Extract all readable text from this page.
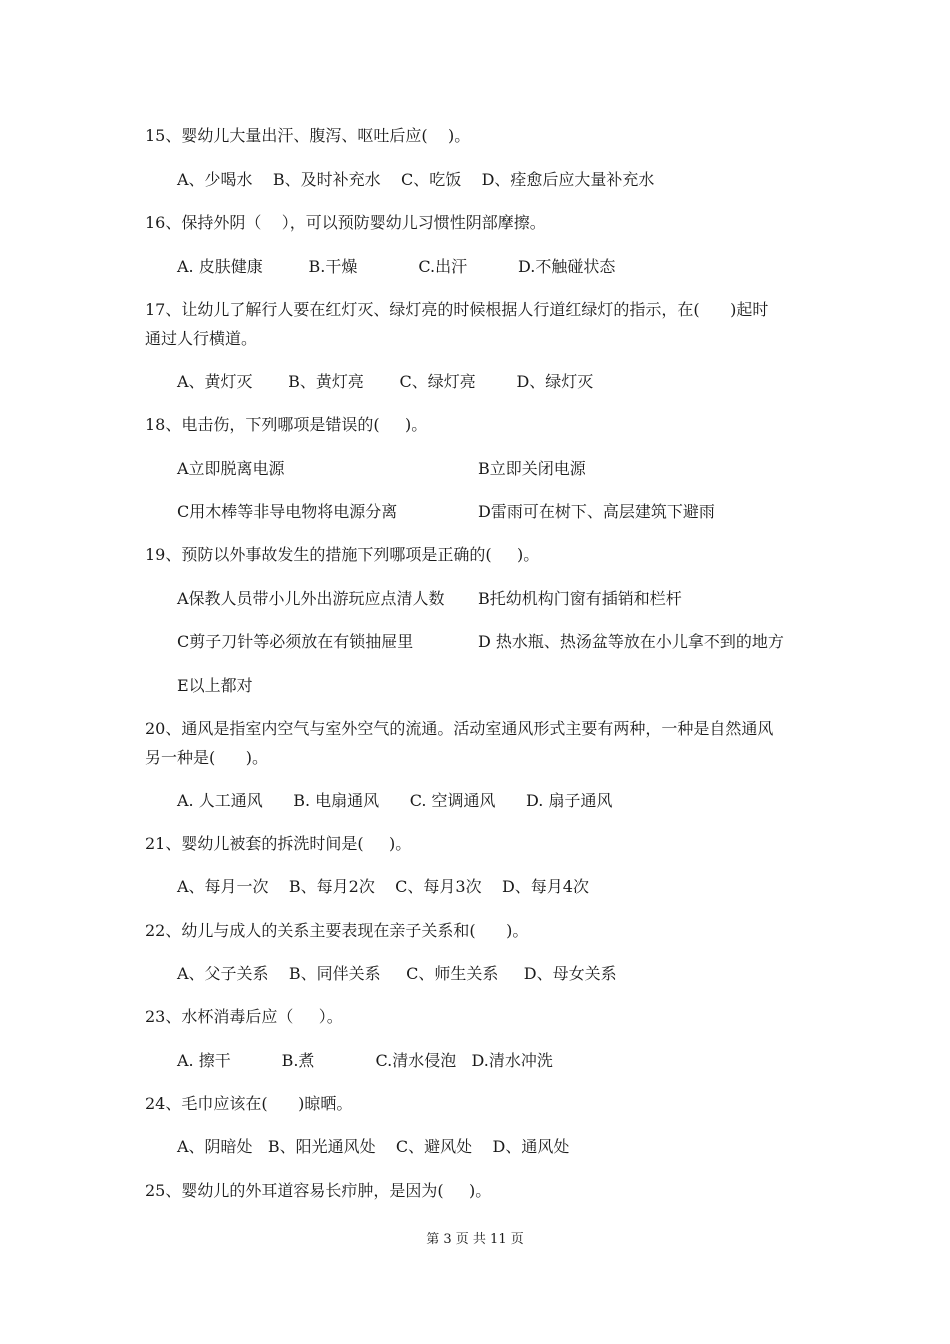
15、婴幼儿大量出汗、腹泻、呕吐后应(    )。
A、少喝水    B、及时补充水    C、吃饭    D、痊愈后应大量补充水
16、保持外阴（    ），可以预防婴幼儿习惯性阴部摩擦。
A. 皮肤健康         B.干燥            C.出汗          D.不触碰状态
17、让幼儿了解行人要在红灯灭、绿灯亮的时候根据人行道红绿灯的指示，在(      )起时
通过人行横道。
A、黄灯灭       B、黄灯亮       C、绿灯亮        D、绿灯灭
18、电击伤，下列哪项是错误的(     )。
A立即脱离电源	B立即关闭电源
C用木棒等非导电物将电源分离	D雷雨可在树下、高层建筑下避雨
19、预防以外事故发生的措施下列哪项是正确的(     )。
A保教人员带小儿外出游玩应点清人数 B托幼机构门窗有插销和栏杆
C剪子刀针等必须放在有锁抽屉里	D 热水瓶、热汤盆等放在小儿拿不到的地方
E以上都对
20、通风是指室内空气与室外空气的流通。活动室通风形式主要有两种，一种是自然通风
另一种是(      )。
A. 人工通风      B. 电扇通风      C. 空调通风      D. 扇子通风
21、婴幼儿被套的拆洗时间是(     )。
A、每月一次    B、每月2次    C、每月3次    D、每月4次
22、幼儿与成人的关系主要表现在亲子关系和(      )。
A、父子关系    B、同伴关系     C、师生关系     D、母女关系
23、水杯消毒后应（     ）。
A. 擦干          B.煮            C.清水侵泡   D.清水冲洗
24、毛巾应该在(      )晾晒。
A、阴暗处   B、阳光通风处    C、避风处    D、通风处
25、婴幼儿的外耳道容易长疖肿，是因为(     )。
第 3 页 共 11 页
